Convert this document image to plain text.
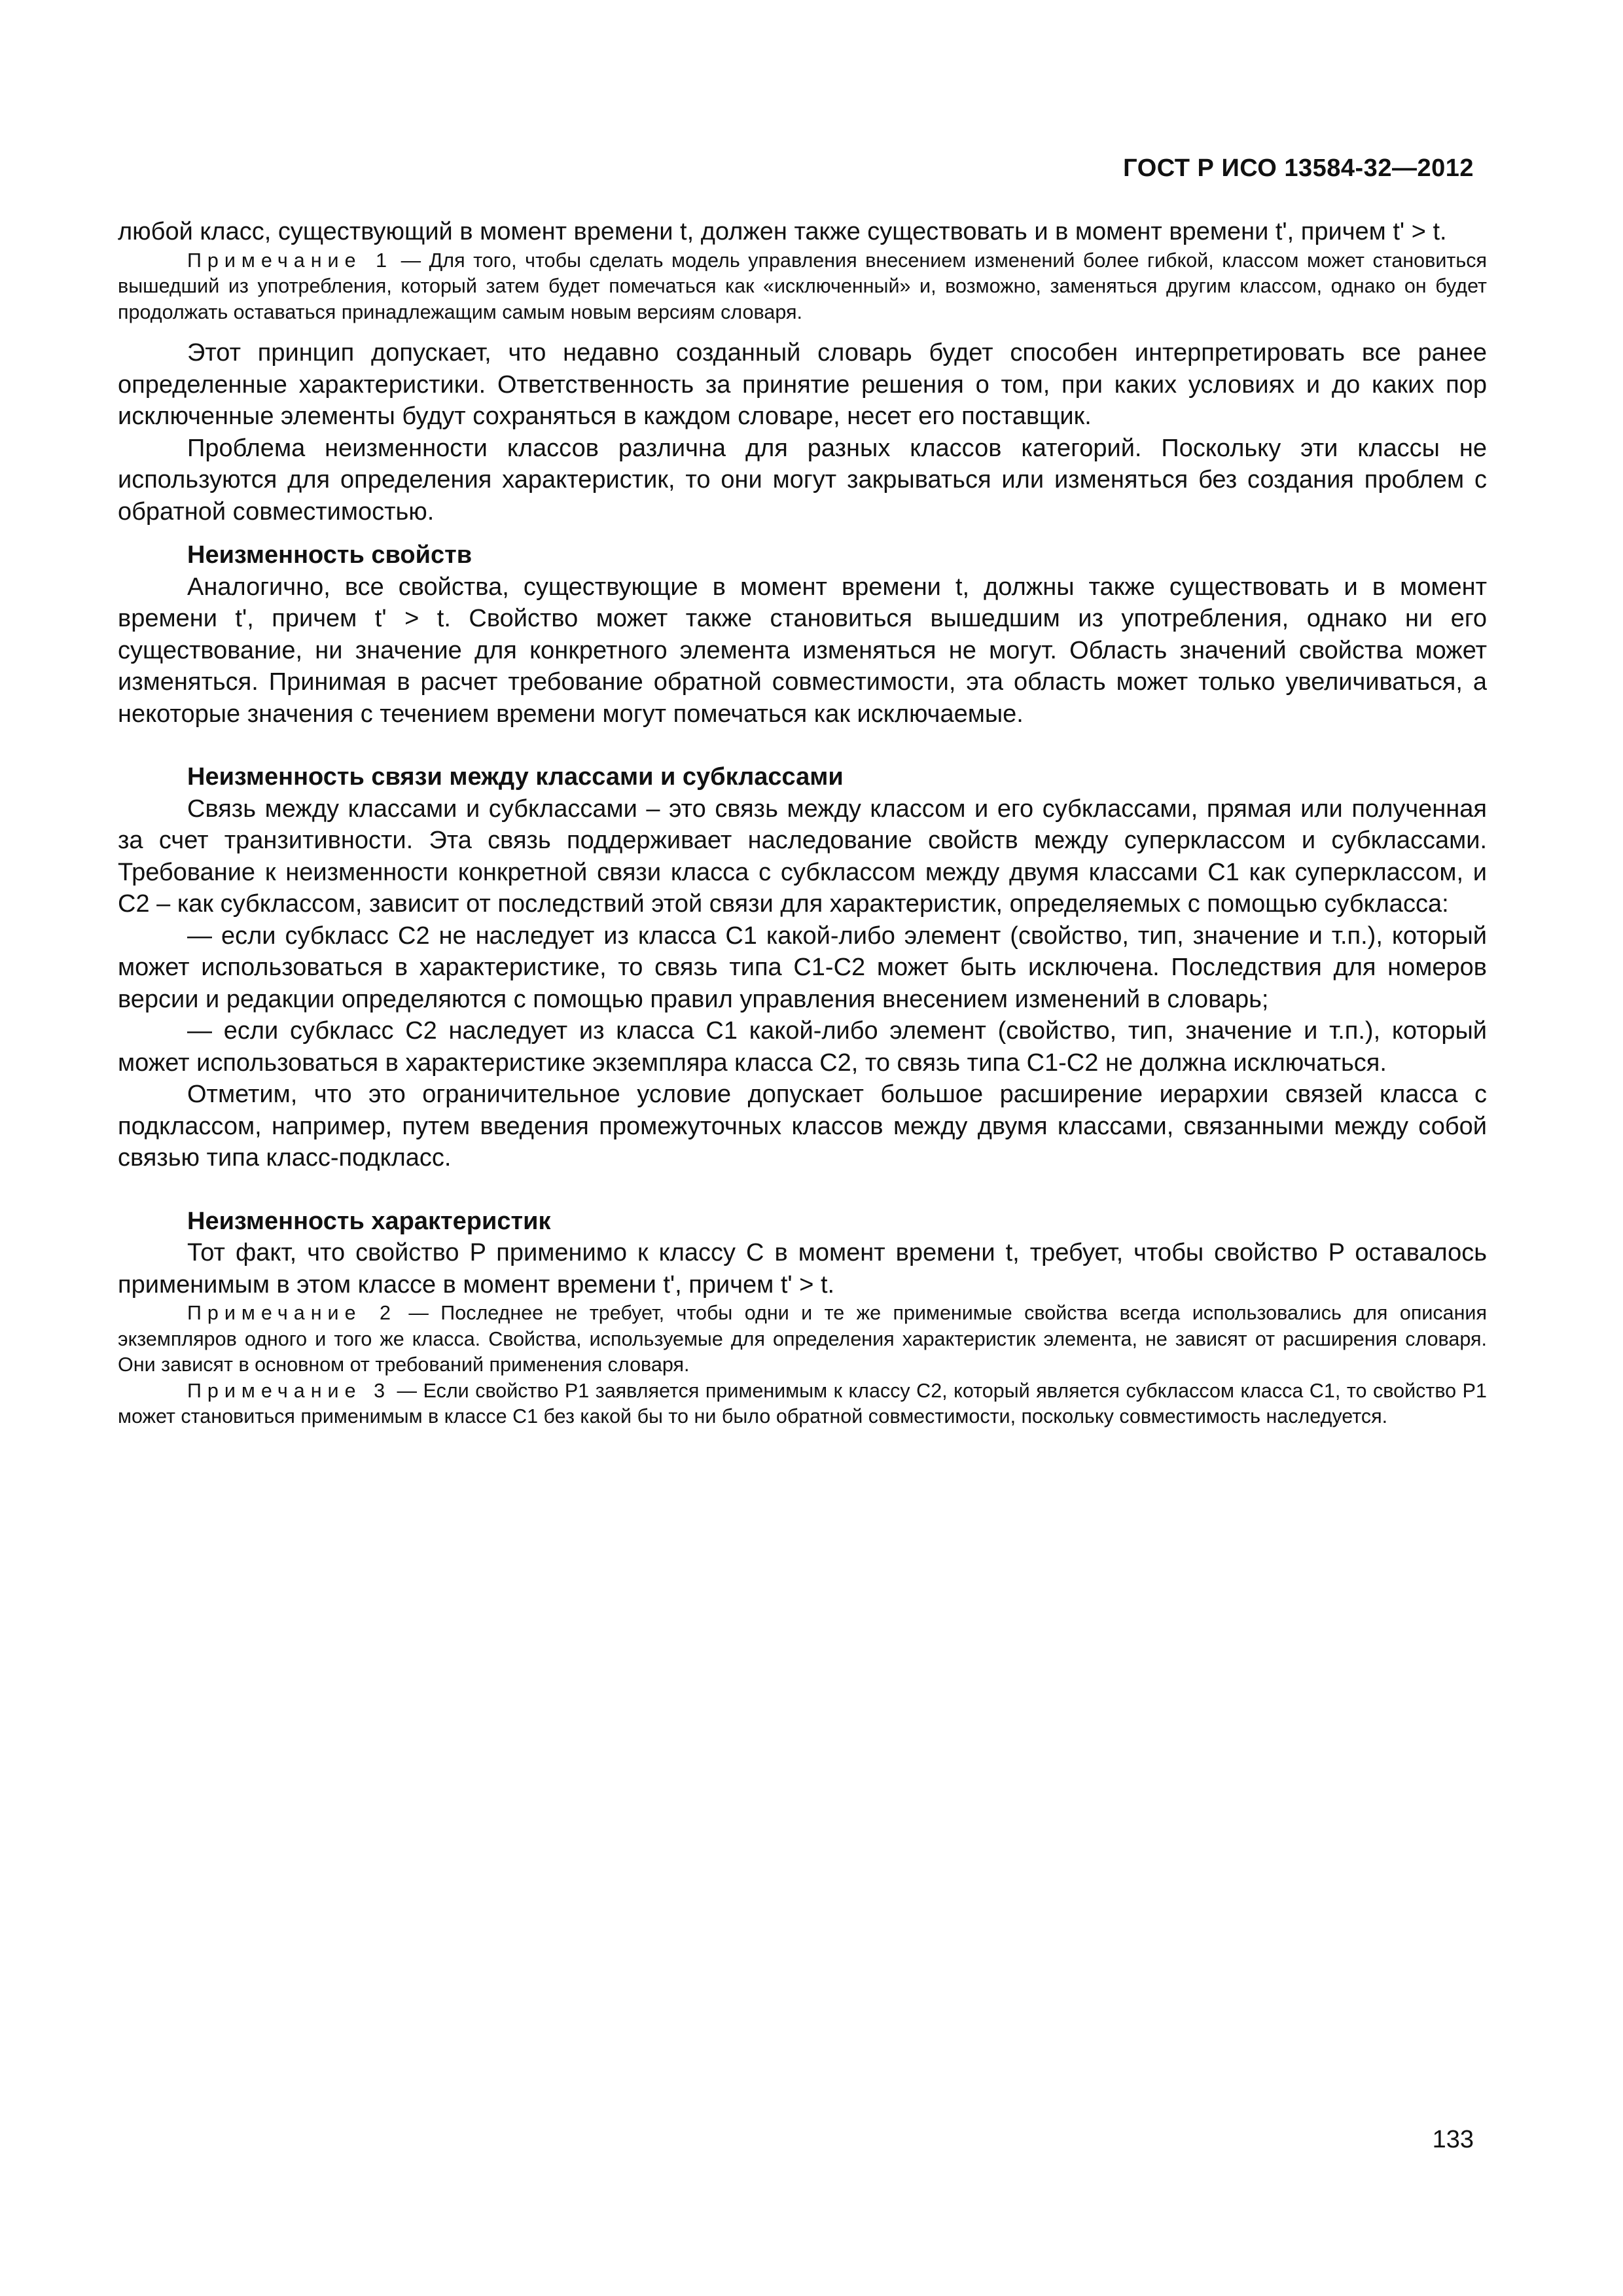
ГОСТ Р ИСО 13584-32—2012

любой класс, существующий в момент времени t, должен также существовать и в момент времени t', причем t' > t.

Примечание 1 — Для того, чтобы сделать модель управления внесением изменений более гибкой, классом может становиться вышедший из употребления, который затем будет помечаться как «исключенный» и, возможно, заменяться другим классом, однако он будет продолжать оставаться принадлежащим самым новым версиям словаря.

Этот принцип допускает, что недавно созданный словарь будет способен интерпретировать все ранее определенные характеристики. Ответственность за принятие решения о том, при каких условиях и до каких пор исключенные элементы будут сохраняться в каждом словаре, несет его поставщик.

Проблема неизменности классов различна для разных классов категорий. Поскольку эти классы не используются для определения характеристик, то они могут закрываться или изменяться без создания проблем с обратной совместимостью.

Неизменность свойств

Аналогично, все свойства, существующие в момент времени t, должны также существовать и в момент времени t', причем t' > t. Свойство может также становиться вышедшим из употребления, однако ни его существование, ни значение для конкретного элемента изменяться не могут. Область значений свойства может изменяться. Принимая в расчет требование обратной совместимости, эта область может только увеличиваться, а некоторые значения с течением времени могут помечаться как исключаемые.

Неизменность связи между классами и субклассами

Связь между классами и субклассами – это связь между классом и его субклассами, прямая или полученная за счет транзитивности. Эта связь поддерживает наследование свойств между суперклассом и субклассами. Требование к неизменности конкретной связи класса с субклассом между двумя классами C1 как суперклассом, и C2 – как субклассом, зависит от последствий этой связи для характеристик, определяемых с помощью субкласса:

— если субкласс C2 не наследует из класса C1 какой-либо элемент (свойство, тип, значение и т.п.), который может использоваться в характеристике, то связь типа C1-C2 может быть исключена. Последствия для номеров версии и редакции определяются с помощью правил управления внесением изменений в словарь;

— если субкласс C2 наследует из класса C1 какой-либо элемент (свойство, тип, значение и т.п.), который может использоваться в характеристике экземпляра класса C2, то связь типа C1-C2 не должна исключаться.

Отметим, что это ограничительное условие допускает большое расширение иерархии связей класса с подклассом, например, путем введения промежуточных классов между двумя классами, связанными между собой связью типа класс-подкласс.

Неизменность характеристик

Тот факт, что свойство P применимо к классу C в момент времени t, требует, чтобы свойство P оставалось применимым в этом классе в момент времени t', причем t' > t.

Примечание 2 — Последнее не требует, чтобы одни и те же применимые свойства всегда использовались для описания экземпляров одного и того же класса. Свойства, используемые для определения характеристик элемента, не зависят от расширения словаря. Они зависят в основном от требований применения словаря.

Примечание 3 — Если свойство P1 заявляется применимым к классу C2, который является субклассом класса C1, то свойство P1 может становиться применимым в классе C1 без какой бы то ни было обратной совместимости, поскольку совместимость наследуется.

133
